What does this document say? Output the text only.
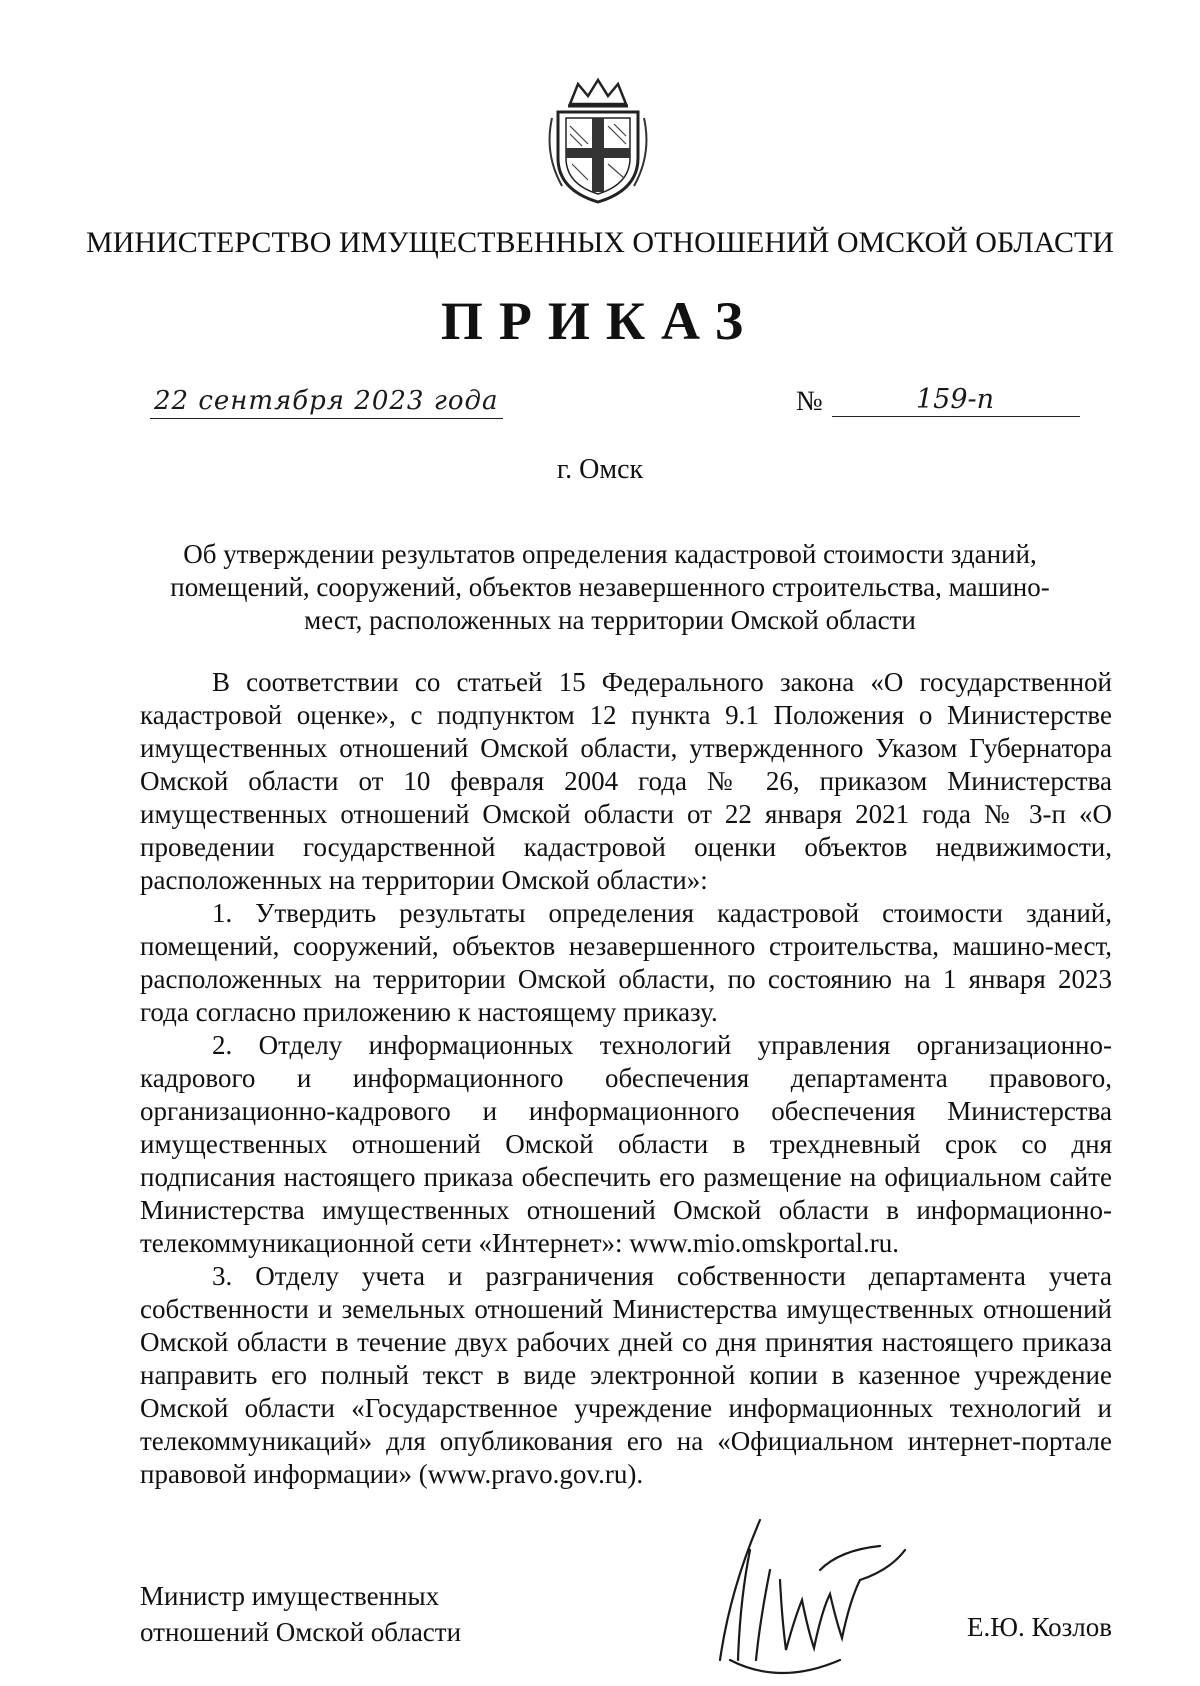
МИНИСТЕРСТВО ИМУЩЕСТВЕННЫХ ОТНОШЕНИЙ ОМСКОЙ ОБЛАСТИ
ПРИКАЗ
22 сентября 2023 года	№	159-п
г. Омск
Об утверждении результатов определения кадастровой стоимости зданий, помещений, сооружений, объектов незавершенного строительства, машино-мест, расположенных на территории Омской области

В соответствии со статьей 15 Федерального закона «О государственной кадастровой оценке», с подпунктом 12 пункта 9.1 Положения о Министерстве имущественных отношений Омской области, утвержденного Указом Губернатора Омской области от 10 февраля 2004 года № 26, приказом Министерства имущественных отношений Омской области от 22 января 2021 года № 3-п «О проведении государственной кадастровой оценки объектов недвижимости, расположенных на территории Омской области»:

1. Утвердить результаты определения кадастровой стоимости зданий, помещений, сооружений, объектов незавершенного строительства, машино-мест, расположенных на территории Омской области, по состоянию на 1 января 2023 года согласно приложению к настоящему приказу.

2. Отделу информационных технологий управления организационно-кадрового и информационного обеспечения департамента правового, организационно-кадрового и информационного обеспечения Министерства имущественных отношений Омской области в трехдневный срок со дня подписания настоящего приказа обеспечить его размещение на официальном сайте Министерства имущественных отношений Омской области в информационно-телекоммуникационной сети «Интернет»: www.mio.omskportal.ru.

3. Отделу учета и разграничения собственности департамента учета собственности и земельных отношений Министерства имущественных отношений Омской области в течение двух рабочих дней со дня принятия настоящего приказа направить его полный текст в виде электронной копии в казенное учреждение Омской области «Государственное учреждение информационных технологий и телекоммуникаций» для опубликования его на «Официальном интернет-портале правовой информации» (www.pravo.gov.ru).

Министр имущественных
отношений Омской области	Е.Ю. Козлов
